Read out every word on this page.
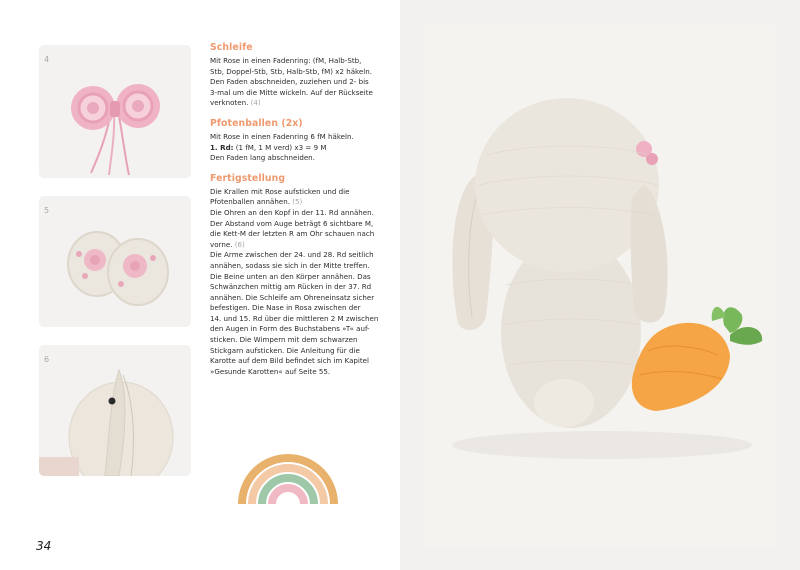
4
5
6
Schleife
Mit Rose in einen Fadenring: (fM, Halb-Stb,
Stb, Doppel-Stb, Stb, Halb-Stb, fM) x2 häkeln.
Den Faden abschneiden, zuziehen und 2- bis
3-mal um die Mitte wickeln. Auf der Rückseite
verknoten. (4)
Pfotenballen (2x)
Mit Rose in einen Fadenring 6 fM häkeln.
1. Rd: (1 fM, 1 M verd) x3 = 9 M
Den Faden lang abschneiden.
Fertigstellung
Die Krallen mit Rose aufsticken und die
Pfotenballen annähen. (5)
Die Ohren an den Kopf in der 11. Rd annähen.
Der Abstand vom Auge beträgt 6 sichtbare M,
die Kett-M der letzten R am Ohr schauen nach
vorne. (6)
Die Arme zwischen der 24. und 28. Rd seitlich
annähen, sodass sie sich in der Mitte treffen.
Die Beine unten an den Körper annähen. Das
Schwänzchen mittig am Rücken in der 37. Rd
annähen. Die Schleife am Ohreneinsatz sicher
befestigen. Die Nase in Rosa zwischen der
14. und 15. Rd über die mittleren 2 M zwischen
den Augen in Form des Buchstabens »T« auf-
sticken. Die Wimpern mit dem schwarzen
Stickgarn aufsticken. Die Anleitung für die
Karotte auf dem Bild befindet sich im Kapitel
»Gesunde Karotten« auf Seite 55.
34
